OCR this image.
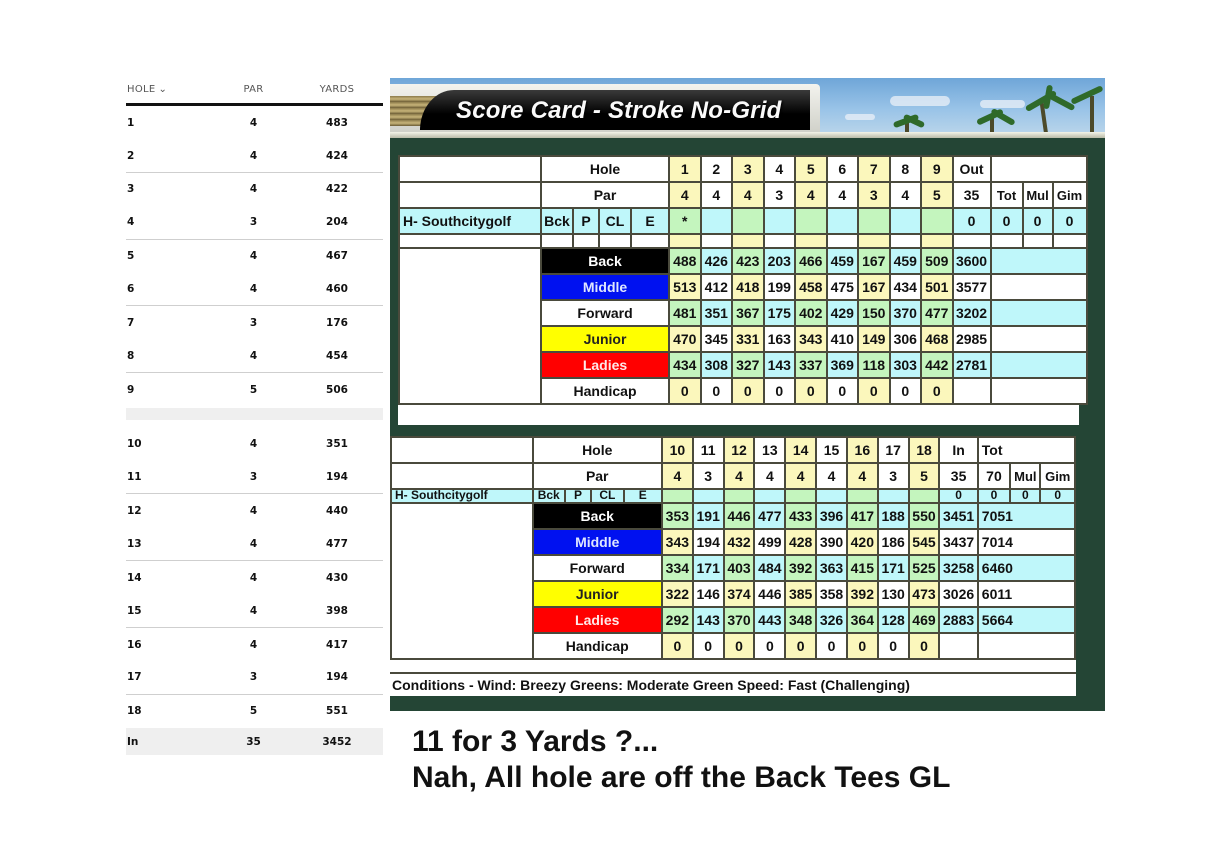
HOLE ⌄	PAR	YARDS
1	4	483
2	4	424
3	4	422
4	3	204
5	4	467
6	4	460
7	3	176
8	4	454
9	5	506
10	4	351
11	3	194
12	4	440
13	4	477
14	4	430
15	4	398
16	4	417
17	3	194
18	5	551
In	35	3452
Score Card - Stroke No-Grid
	Hole				1	2	3	4	5	6	7	8	9	Out			
	Par				4	4	4	3	4	4	3	4	5	35	Tot	Mul	Gim
H- Southcitygolf	Bck	P	CL	E	*									0	0	0	0

	Back				488	426	423	203	466	459	167	459	509	3600			
	Middle				513	412	418	199	458	475	167	434	501	3577			
	Forward				481	351	367	175	402	429	150	370	477	3202			
	Junior				470	345	331	163	343	410	149	306	468	2985			
	Ladies				434	308	327	143	337	369	118	303	442	2781			
	Handicap				0	0	0	0	0	0	0	0	0				
	Hole				10	11	12	13	14	15	16	17	18	In	Tot		
	Par				4	3	4	4	4	4	4	3	5	35	70	Mul	Gim
H- Southcitygolf	Bck	P	CL	E										0	0	0	0
	Back				353	191	446	477	433	396	417	188	550	3451	7051		
	Middle				343	194	432	499	428	390	420	186	545	3437	7014		
	Forward				334	171	403	484	392	363	415	171	525	3258	6460		
	Junior				322	146	374	446	385	358	392	130	473	3026	6011		
	Ladies				292	143	370	443	348	326	364	128	469	2883	5664		
	Handicap				0	0	0	0	0	0	0	0	0				
Conditions - Wind: Breezy Greens: Moderate Green Speed: Fast (Challenging)
11 for 3 Yards ?...
Nah, All hole are off the Back Tees GL
